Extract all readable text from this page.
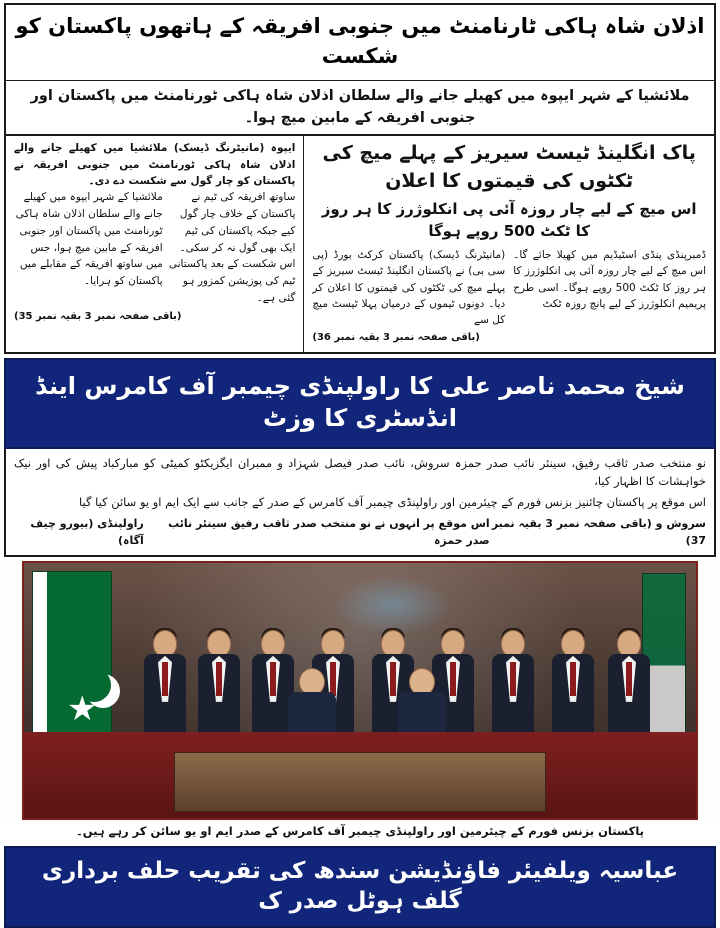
اذلان شاہ ہاکی ٹارنامنٹ میں جنوبی افریقہ کے ہاتھوں پاکستان کو شکست
ملائشیا کے شہر ایپوہ میں کھیلے جانے والے سلطان اذلان شاہ ہاکی ٹورنامنٹ میں پاکستان اور جنوبی افریقہ کے مابین میچ ہوا۔
پاک انگلینڈ ٹیسٹ سیریز کے پہلے میچ کی ٹکٹوں کی قیمتوں کا اعلان
اس میچ کے لیے چار روزہ آئی پی انکلوژرز کا ہر روز کا ٹکٹ 500 روپے ہوگا
ڈمبرپنڈی پنڈی اسٹیڈیم میں کھیلا جائے گا۔ اس میچ کے لیے چار روزہ آئی پی انکلوژرز کا ہر روز کا ٹکٹ 500 روپے ہوگا۔ اسی طرح پریمیم انکلوژرز کے لیے پانچ روزہ ٹکٹ
(مانیٹرنگ ڈیسک) پاکستان کرکٹ بورڈ (پی سی بی) نے پاکستان انگلینڈ ٹیسٹ سیریز کے پہلے میچ کی ٹکٹوں کی قیمتوں کا اعلان کر دیا۔ دونوں ٹیموں کے درمیان پہلا ٹیسٹ میچ کل سے
(باقی صفحہ نمبر 3 بقیہ نمبر 36)
ایپوہ (مانیٹرنگ ڈیسک) ملائشیا میں کھیلے جانے والے اذلان شاہ ہاکی ٹورنامنٹ میں جنوبی افریقہ نے پاکستان کو چار گول سے شکست دے دی۔
ساوتھ افریقہ کی ٹیم نے پاکستان کے خلاف چار گول کیے جبکہ پاکستان کی ٹیم ایک بھی گول نہ کر سکی۔ اس شکست کے بعد پاکستانی ٹیم کی پوزیشن کمزور ہو گئی ہے۔
ملائشیا کے شہر ایپوہ میں کھیلے جانے والے سلطان اذلان شاہ ہاکی ٹورنامنٹ میں پاکستان اور جنوبی افریقہ کے مابین میچ ہوا، جس میں ساوتھ افریقہ کے مقابلے میں پاکستان کو ہرایا۔
(باقی صفحہ نمبر 3 بقیہ نمبر 35)
شیخ محمد ناصر علی کا راولپنڈی چیمبر آف کامرس اینڈ انڈسٹری کا وزٹ

نو منتخب صدر ثاقب رفیق، سینئر نائب صدر حمزہ سروش، نائب صدر فیصل شہزاد و ممبران ایگزیکٹو کمیٹی کو مبارکباد پیش کی اور نیک خواہشات کا اظہار کیا،

اس موقع پر پاکستان چائنیز بزنس فورم کے چیئرمین اور راولپنڈی چیمبر آف کامرس کے صدر کے جانب سے ایک ایم او یو سائن کیا گیا

سروش و (باقی صفحہ نمبر 3 بقیہ نمبر 37)
اس موقع پر انہوں نے نو منتخب صدر ثاقب رفیق سینئر نائب صدر حمزہ
راولپنڈی (بیورو چیف آگاہ)
★
پاکستان بزنس فورم کے چیئرمین اور راولپنڈی چیمبر آف کامرس کے صدر ایم او یو سائن کر رہے ہیں۔
عباسیہ ویلفیئر فاؤنڈیشن سندھ کی تقریب حلف برداری گلف ہوٹل صدر ک
